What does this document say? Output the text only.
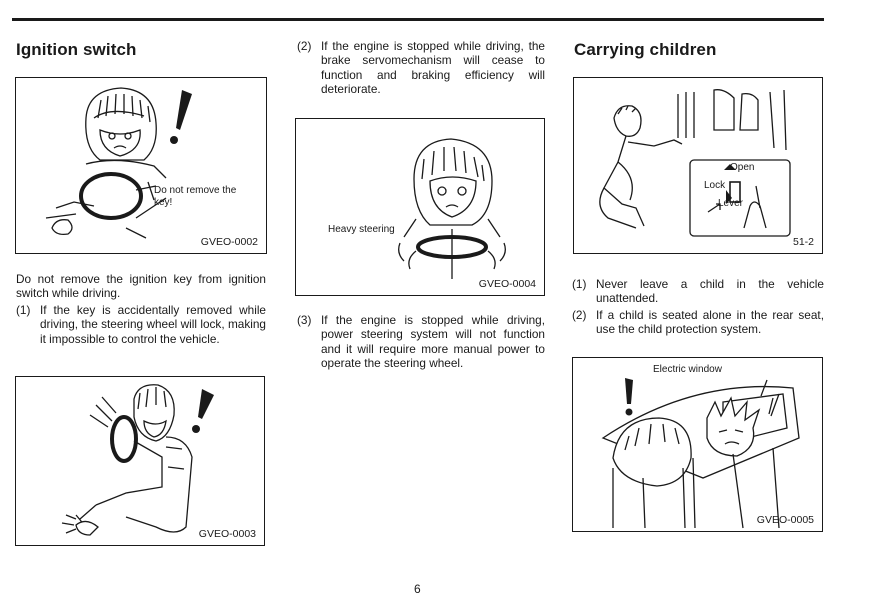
Ignition switch
Do not remove the key!
GVEO-0002

Do not remove the ignition key from ignition switch while driving.

(1) If the key is accidentally removed while driving, the steering wheel will lock, making it impossible to control the vehicle.
GVEO-0003
(2) If the engine is stopped while driving, the brake servomechanism will cease to function and braking efficiency will deteriorate.
Heavy steering
GVEO-0004
(3) If the engine is stopped while driving, power steering system will not function and it will require more manual power to operate the steering wheel.
Carrying children
Open
Lock
Lever
51-2
(1) Never leave a child in the vehicle unattended.
(2) If a child is seated alone in the rear seat, use the child protection system.
Electric window
GVEO-0005
6
